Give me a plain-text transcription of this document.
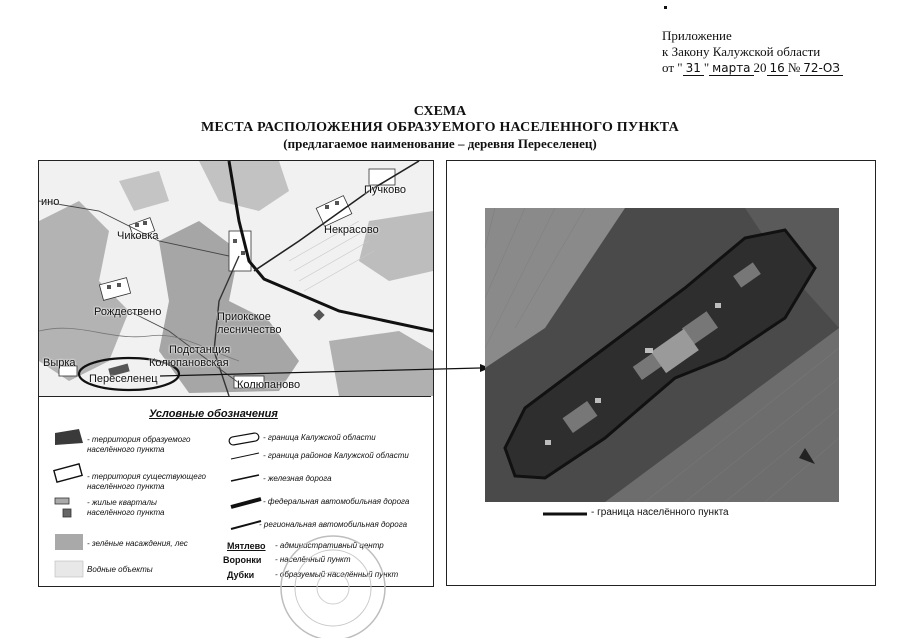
Приложение
к Закону Калужской области
от " 31 " марта 20 16 № 72-ОЗ
СХЕМА
МЕСТА РАСПОЛОЖЕНИЯ ОБРАЗУЕМОГО НАСЕЛЕННОГО ПУНКТА
(предлагаемое наименование – деревня Переселенец)
ино
Чиковка
Пучково
Некрасово
Рождествено	Приокское
лесничество
Подстанция
Колюпановская
Вырка
Переселенец	Колюпаново
Условные обозначения
- территория образуемого
населённого пункта
- территория существующего
населённого пункта
- жилые кварталы
населённого пункта
- зелёные насаждения, лес
Водные объекты
- граница Калужской области
- граница районов Калужской области
- железная дорога
- федеральная автомобильная дорога
- региональная автомобильная дорога
Мятлево - административный центр
Воронки - населённый пункт
Дубки	- образуемый населённый пункт
- граница населённого пункта
